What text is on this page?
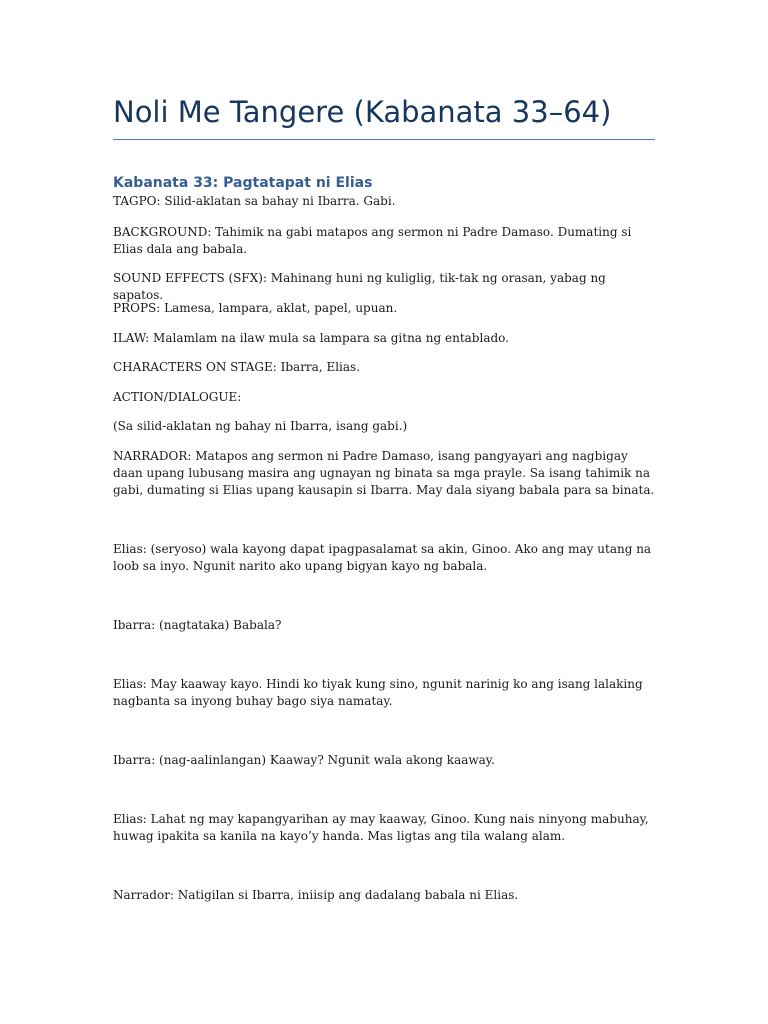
Noli Me Tangere (Kabanata 33–64)
Kabanata 33: Pagtatapat ni Elias

TAGPO: Silid-aklatan sa bahay ni Ibarra. Gabi.

BACKGROUND: Tahimik na gabi matapos ang sermon ni Padre Damaso. Dumating si Elias dala ang babala.

SOUND EFFECTS (SFX): Mahinang huni ng kuliglig, tik-tak ng orasan, yabag ng sapatos.

PROPS: Lamesa, lampara, aklat, papel, upuan.

ILAW: Malamlam na ilaw mula sa lampara sa gitna ng entablado.

CHARACTERS ON STAGE: Ibarra, Elias.

ACTION/DIALOGUE:

(Sa silid-aklatan ng bahay ni Ibarra, isang gabi.)

NARRADOR: Matapos ang sermon ni Padre Damaso, isang pangyayari ang nagbigay daan upang lubusang masira ang ugnayan ng binata sa mga prayle. Sa isang tahimik na gabi, dumating si Elias upang kausapin si Ibarra. May dala siyang babala para sa binata.

Elias: (seryoso) wala kayong dapat ipagpasalamat sa akin, Ginoo. Ako ang may utang na loob sa inyo. Ngunit narito ako upang bigyan kayo ng babala.

Ibarra: (nagtataka) Babala?

Elias: May kaaway kayo. Hindi ko tiyak kung sino, ngunit narinig ko ang isang lalaking nagbanta sa inyong buhay bago siya namatay.

Ibarra: (nag-aalinlangan) Kaaway? Ngunit wala akong kaaway.

Elias: Lahat ng may kapangyarihan ay may kaaway, Ginoo. Kung nais ninyong mabuhay, huwag ipakita sa kanila na kayo’y handa. Mas ligtas ang tila walang alam.

Narrador: Natigilan si Ibarra, iniisip ang dadalang babala ni Elias.
